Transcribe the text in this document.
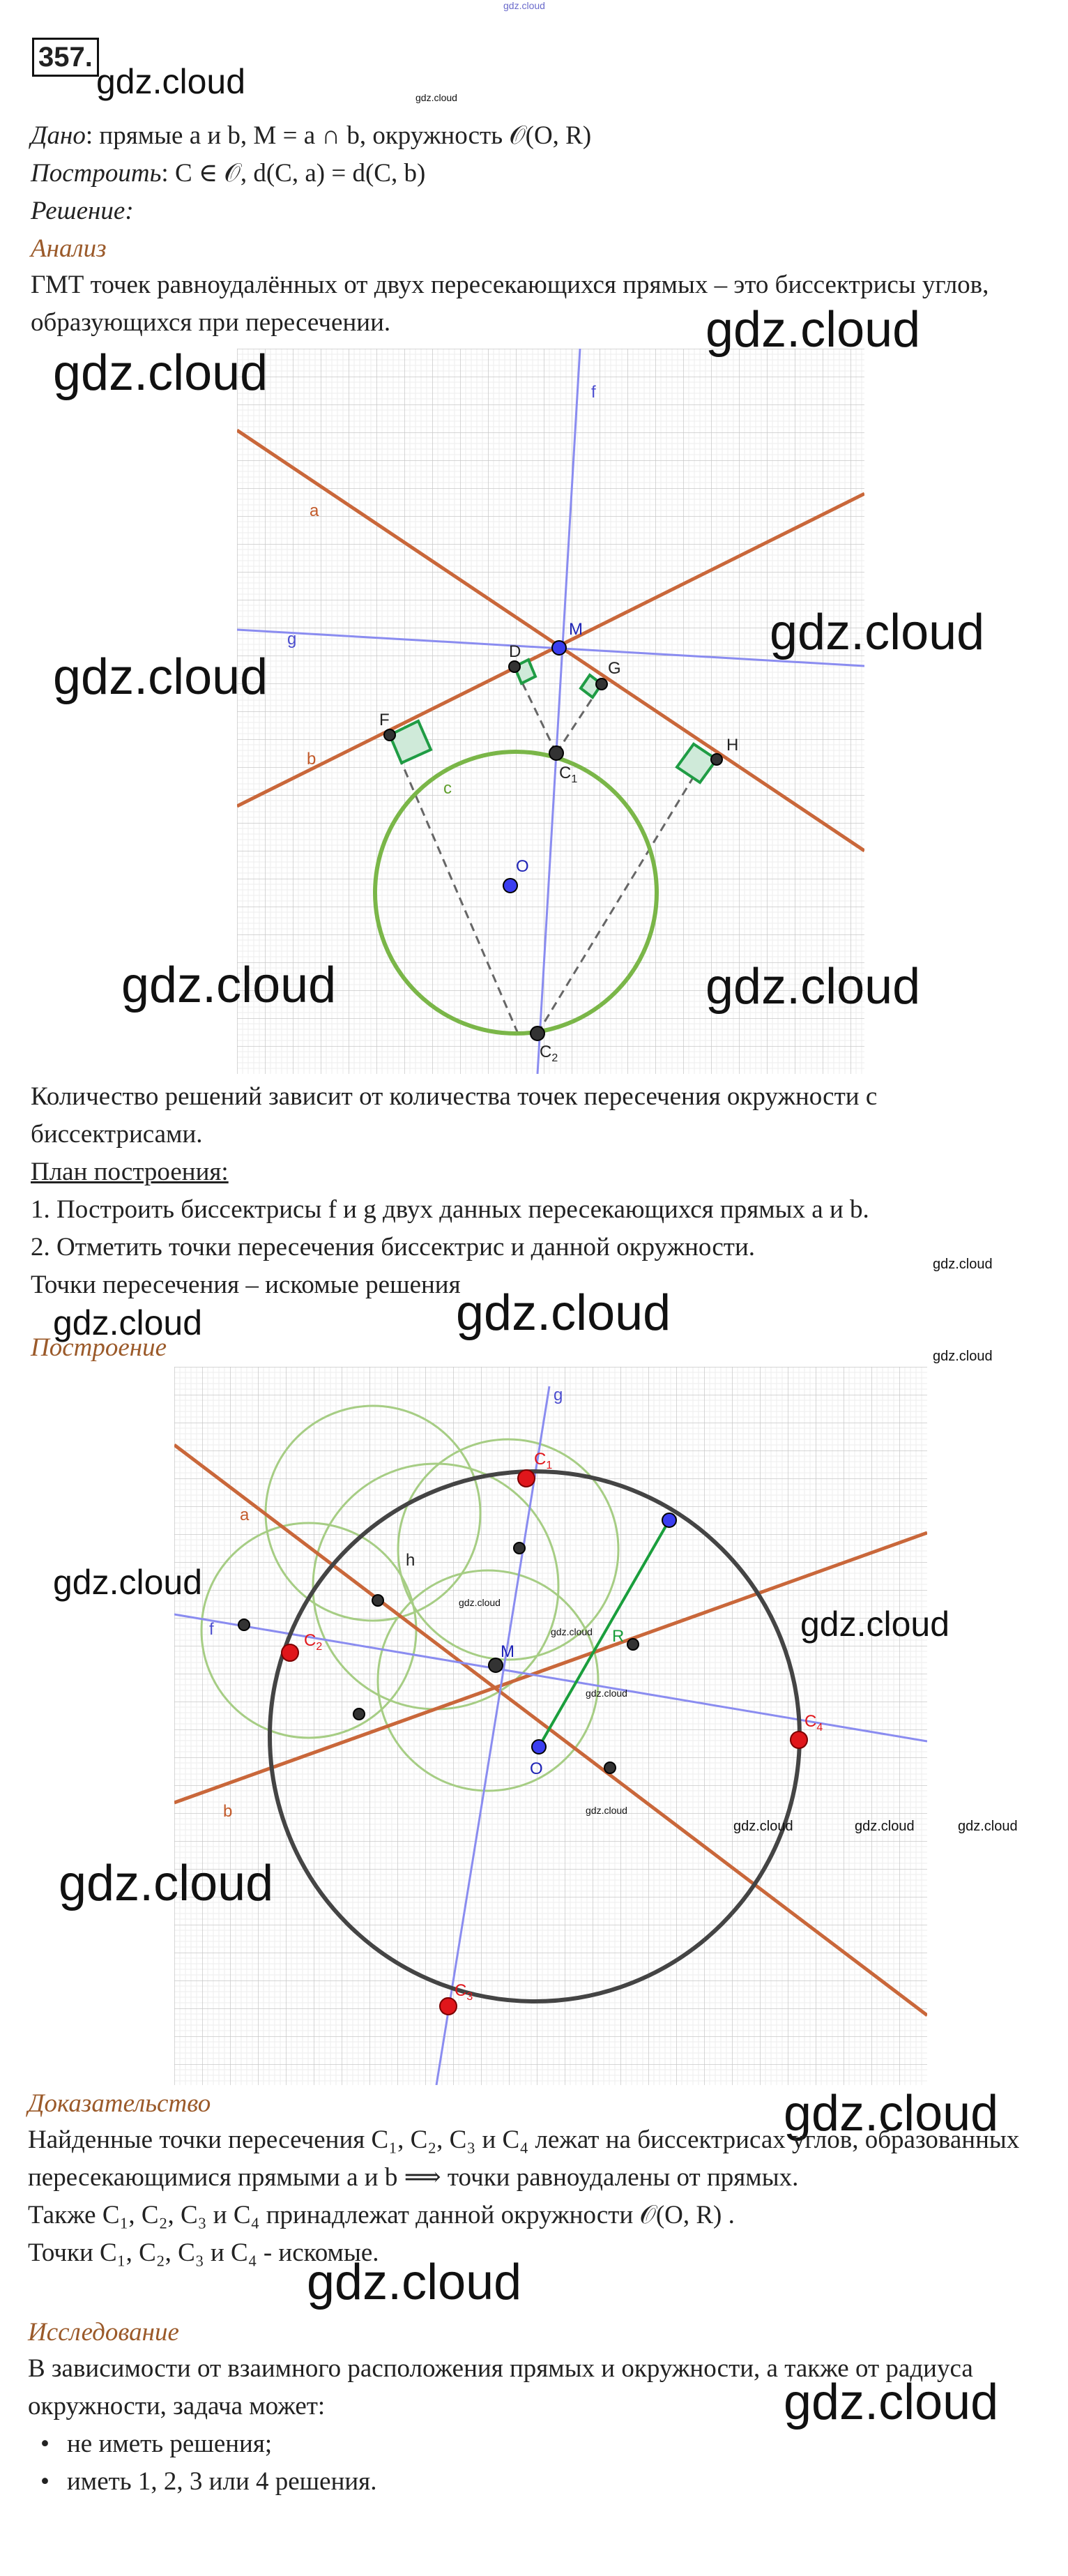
gdz.cloud
357.
gdz.cloud	gdz.cloud
Дано: прямые a и b, M = a ∩ b, окружность 𝒪(O, R)
Построить: C ∈ 𝒪, d(C, a) = d(C, b)
Решение:
Анализ
ГМТ точек равноудалённых от двух пересекающихся прямых – это биссектрисы углов,
образующихся при пересечении.
f
a
g
b
M
D
G
F
H
$C_1$
c
O
$C_2$
gdz.cloud
gdz.cloud
gdz.cloud
gdz.cloud
gdz.cloud	gdz.cloud
Количество решений зависит от количества точек пересечения окружности с
биссектрисами.
План построения:
1. Построить биссектрисы f и g двух данных пересекающихся прямых a и b.
2. Отметить точки пересечения биссектрис и данной окружности.
Точки пересечения – искомые решения
gdz.cloud
gdz.cloud
gdz.cloud
Построение	gdz.cloud
g
a
h
f
b
M
R
O
$C_1$
$C_2$
$C_3$
$C_4$
gdz.cloud
gdz.cloud
gdz.cloud
gdz.cloud
gdz.cloud
gdz.cloud
gdz.cloud	gdz.cloud	gdz.cloud
gdz.cloud
Доказательство	gdz.cloud
Найденные точки пересечения C₁, C₂, C₃ и C₄ лежат на биссектрисах углов, образованных
пересекающимися прямыми a и b ⟹ точки равноудалены от прямых.
Также C₁, C₂, C₃ и C₄ принадлежат данной окружности 𝒪(O, R) .
Точки C₁, C₂, C₃ и C₄ - искомые.
gdz.cloud
Исследование
В зависимости от взаимного расположения прямых и окружности, а также от радиуса
окружности, задача может:	gdz.cloud
• не иметь решения;
• иметь 1, 2, 3 или 4 решения.
